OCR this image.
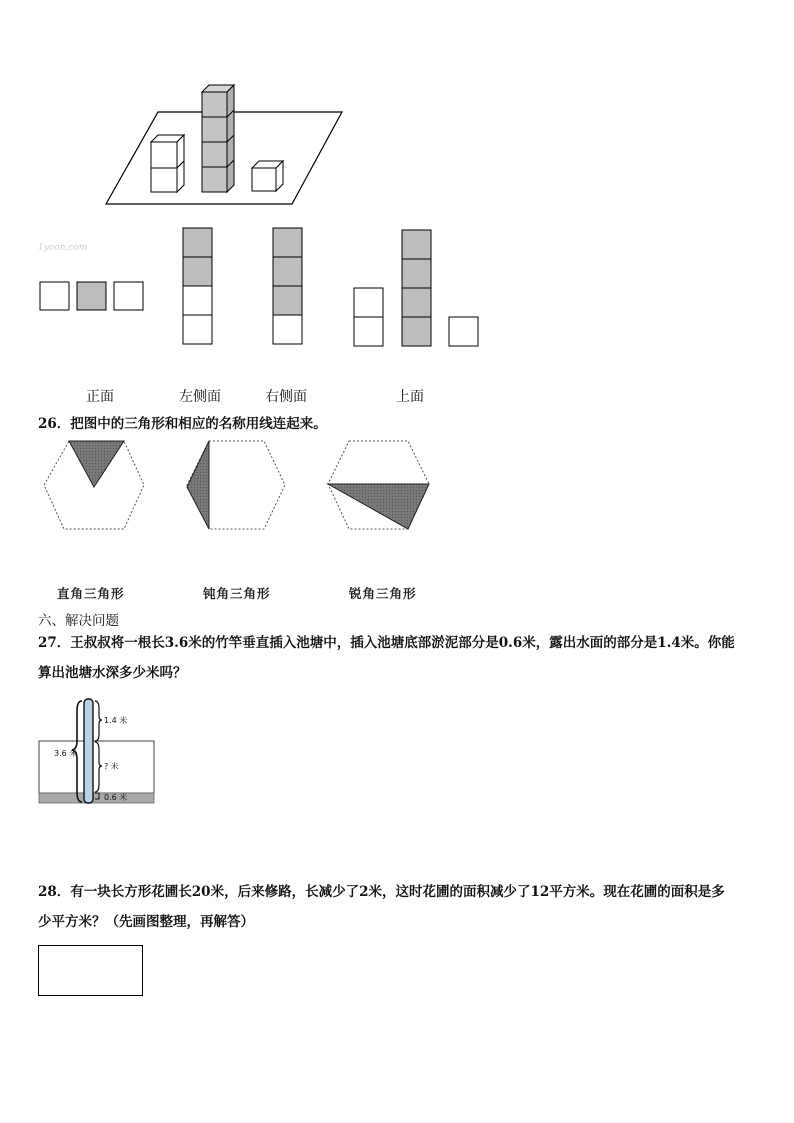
1yoon.com
正面	左侧面	右侧面	上面
26．把图中的三角形和相应的名称用线连起来。
直角三角形	钝角三角形	锐角三角形
六、解决问题
27．王叔叔将一根长3.6米的竹竿垂直插入池塘中，插入池塘底部淤泥部分是0.6米，露出水面的部分是1.4米。你能
算出池塘水深多少米吗？
3.6 米
1.4 米
? 米
0.6 米
28．有一块长方形花圃长20米，后来修路，长减少了2米，这时花圃的面积减少了12平方米。现在花圃的面积是多
少平方米？（先画图整理，再解答）
